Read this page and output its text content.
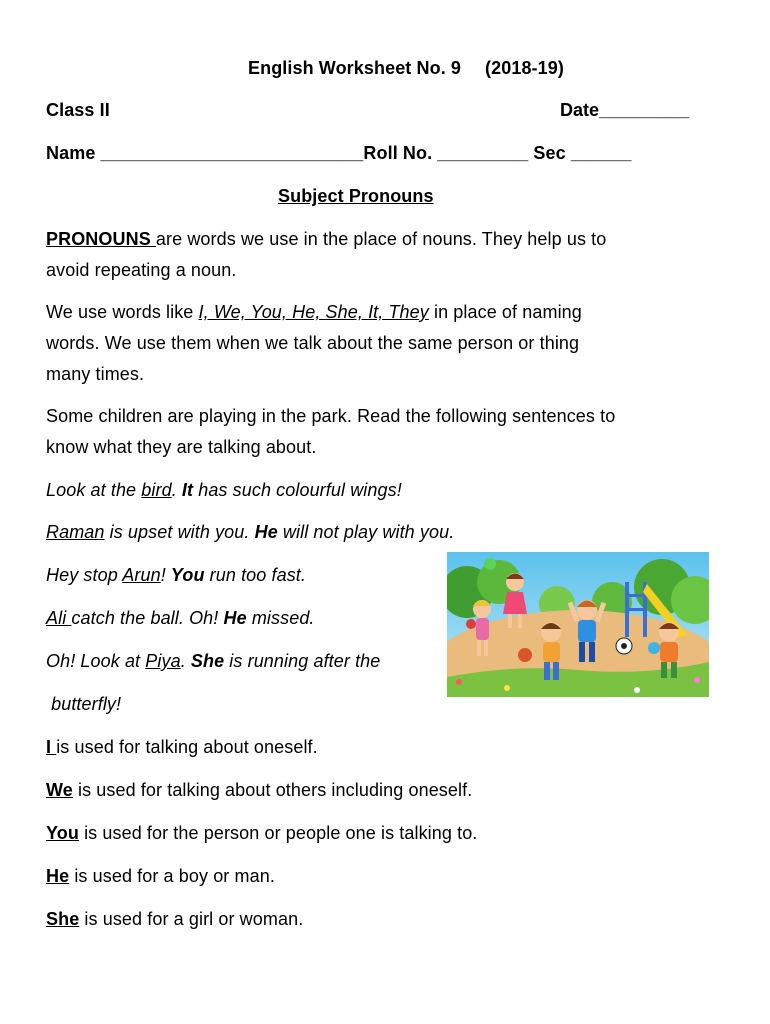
English Worksheet No. 9 (2018-19)
Class II	Date_________
Name __________________________Roll No. _________ Sec ______
Subject Pronouns
PRONOUNS are words we use in the place of nouns. They help us to
avoid repeating a noun.
We use words like I, We, You, He, She, It, They in place of naming
words. We use them when we talk about the same person or thing
many times.
Some children are playing in the park. Read the following sentences to
know what they are talking about.
Look at the bird. It has such colourful wings!
Raman is upset with you. He will not play with you.
Hey stop Arun! You run too fast.
Ali catch the ball. Oh! He missed.
Oh! Look at Piya. She is running after the
butterfly!
I is used for talking about oneself.
We is used for talking about others including oneself.
You is used for the person or people one is talking to.
He is used for a boy or man.
She is used for a girl or woman.
